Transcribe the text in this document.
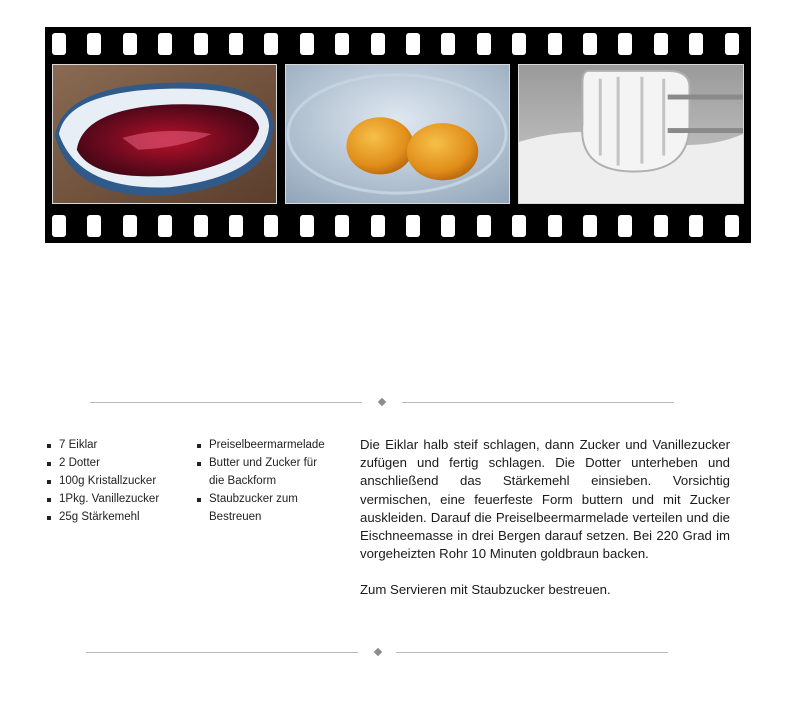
7 Eiklar
2 Dotter
100g Kristallzucker
1Pkg. Vanillezucker
25g Stärkemehl
Preiselbeermarmelade
Butter und Zucker für die Backform
Staubzucker zum Bestreuen

Die Eiklar halb steif schlagen, dann Zucker und Vanillezucker zufügen und fertig schlagen. Die Dotter unterheben und anschließend das Stärkemehl einsieben. Vorsichtig vermischen, eine feuerfeste Form buttern und mit Zucker auskleiden. Darauf die Preiselbeermarmelade verteilen und die Eischneemasse in drei Bergen darauf setzen. Bei 220 Grad im vorgeheizten Rohr 10 Minuten goldbraun backen.

Zum Servieren mit Staubzucker bestreuen.
